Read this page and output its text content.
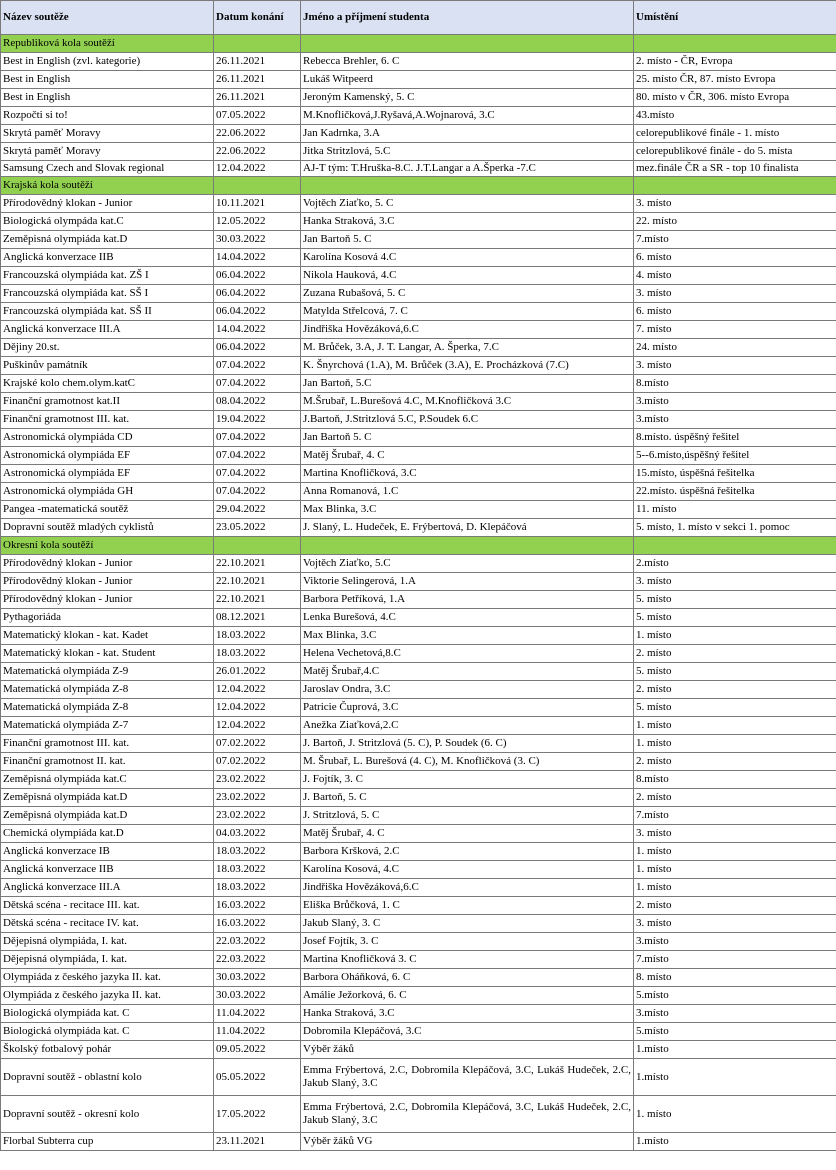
Název soutěže	Datum konání	Jméno a příjmení studenta	Umístění
Republiková kola soutěží			
Best in English (zvl. kategorie)	26.11.2021	Rebecca Brehler, 6. C	2. místo - ČR, Evropa
Best in English	26.11.2021	Lukáš Witpeerd	25. místo ČR, 87. místo Evropa
Best in English	26.11.2021	Jeroným Kamenský, 5. C	80. místo v ČR, 306. místo Evropa
Rozpočti si to!	07.05.2022	M.Knofličková,J.Ryšavá,A.Wojnarová, 3.C	43.místo
Skrytá paměť Moravy	22.06.2022	Jan Kadrnka, 3.A	celorepublikové finále - 1. místo
Skrytá paměť Moravy	22.06.2022	Jitka Stritzlová, 5.C	celorepublikové finále - do 5. místa
Samsung Czech and Slovak regional	12.04.2022	AJ-T tým: T.Hruška-8.C. J.T.Langar a A.Šperka -7.C	mez.finále ČR a SR - top 10 finalista
Krajská kola soutěží			
Přírodovědný klokan - Junior	10.11.2021	Vojtěch Ziaťko, 5. C	3. místo
Biologická olympáda kat.C	12.05.2022	Hanka Straková, 3.C	22. místo
Zeměpisná olympiáda kat.D	30.03.2022	Jan Bartoň 5. C	7.místo
Anglická konverzace IIB	14.04.2022	Karolína Kosová 4.C	6. místo
Francouzská olympiáda kat. ZŠ I	06.04.2022	Nikola Hauková, 4.C	4. místo
Francouzská olympiáda kat. SŠ I	06.04.2022	Zuzana Rubašová, 5. C	3. místo
Francouzská olympiáda kat. SŠ II	06.04.2022	Matylda Střelcová, 7. C	6. místo
Anglická konverzace III.A	14.04.2022	Jindřiška Hovězáková,6.C	7. místo
Dějiny 20.st.	06.04.2022	M. Brůček, 3.A, J. T. Langar, A. Šperka, 7.C	24. místo
Puškinův památník	07.04.2022	K. Šnyrchová (1.A), M. Brůček (3.A), E. Procházková (7.C)	3. místo
Krajské kolo chem.olym.katC	07.04.2022	Jan Bartoň, 5.C	8.místo
Finanční gramotnost kat.II	08.04.2022	M.Šrubař, L.Burešová 4.C, M.Knofličková 3.C	3.místo
Finanční gramotnost III. kat.	19.04.2022	J.Bartoň, J.Stritzlová 5.C, P.Soudek 6.C	3.místo
Astronomická olympiáda CD	07.04.2022	Jan Bartoň 5. C	8.místo. úspěšný řešitel
Astronomická olympiáda EF	07.04.2022	Matěj Šrubař, 4. C	5--6.místo,úspěšný řešitel
Astronomická olympiáda EF	07.04.2022	Martina Knofličková, 3.C	15.místo, úspěšná řešitelka
Astronomická olympiáda GH	07.04.2022	Anna Romanová, 1.C	22.místo. úspěšná řešitelka
Pangea -matematická soutěž	29.04.2022	Max Blinka, 3.C	11. místo
Dopravní soutěž mladých cyklistů	23.05.2022	J. Slaný, L. Hudeček, E. Frýbertová, D. Klepáčová	5. místo, 1. místo v sekci 1. pomoc
Okresní kola soutěží			
Přírodovědný klokan - Junior	22.10.2021	Vojtěch Ziaťko, 5.C	2.místo
Přírodovědný klokan - Junior	22.10.2021	Viktorie Selingerová, 1.A	3. místo
Přírodovědný klokan - Junior	22.10.2021	Barbora Petříková, 1.A	5. místo
Pythagoriáda	08.12.2021	Lenka Burešová, 4.C	5. místo
Matematický klokan - kat. Kadet	18.03.2022	Max Blinka, 3.C	1. místo
Matematický klokan - kat. Student	18.03.2022	Helena Vechetová,8.C	2. místo
Matematická olympiáda Z-9	26.01.2022	Matěj Šrubař,4.C	5. místo
Matematická olympiáda Z-8	12.04.2022	Jaroslav Ondra, 3.C	2. místo
Matematická olympiáda Z-8	12.04.2022	Patricie Čuprová, 3.C	5. místo
Matematická olympiáda Z-7	12.04.2022	Anežka Ziaťková,2.C	1. místo
Finanční gramotnost III. kat.	07.02.2022	J. Bartoň, J. Stritzlová (5. C), P. Soudek (6. C)	1. místo
Finanční gramotnost II. kat.	07.02.2022	M. Šrubař, L. Burešová (4. C), M. Knofličková (3. C)	2. místo
Zeměpisná olympiáda kat.C	23.02.2022	J. Fojtík, 3. C	8.místo
Zeměpisná olympiáda kat.D	23.02.2022	J. Bartoň, 5. C	2. místo
Zeměpisná olympiáda kat.D	23.02.2022	J. Stritzlová, 5. C	7.místo
Chemická olympiáda kat.D	04.03.2022	Matěj Šrubař, 4. C	3. místo
Anglická konverzace IB	18.03.2022	Barbora Kršková, 2.C	1. místo
Anglická konverzace IIB	18.03.2022	Karolína Kosová, 4.C	1. místo
Anglická konverzace III.A	18.03.2022	Jindřiška Hovězáková,6.C	1. místo
Dětská scéna - recitace III. kat.	16.03.2022	Eliška Brůčková, 1. C	2. místo
Dětská scéna - recitace IV. kat.	16.03.2022	Jakub Slaný, 3. C	3. místo
Dějepisná olympiáda, I. kat.	22.03.2022	Josef Fojtík, 3. C	3.místo
Dějepisná olympiáda, I. kat.	22.03.2022	Martina Knofličková 3. C	7.místo
Olympiáda z českého jazyka II. kat.	30.03.2022	Barbora Oháňková, 6. C	8. místo
Olympiáda z českého jazyka II. kat.	30.03.2022	Amálie Ježorková, 6. C	5.místo
Biologická olympiáda kat. C	11.04.2022	Hanka Straková, 3.C	3.místo
Biologická olympiáda kat. C	11.04.2022	Dobromila Klepáčová, 3.C	5.místo
Školský fotbalový pohár	09.05.2022	Výběr žáků	1.místo
Dopravní soutěž - oblastní kolo	05.05.2022	Emma Frýbertová, 2.C, Dobromila Klepáčová, 3.C, Lukáš Hudeček, 2.C, Jakub Slaný, 3.C	1.místo
Dopravní soutěž - okresní kolo	17.05.2022	Emma Frýbertová, 2.C, Dobromila Klepáčová, 3.C, Lukáš Hudeček, 2.C, Jakub Slaný, 3.C	1. místo
Florbal Subterra cup	23.11.2021	Výběr žáků VG	1.místo
